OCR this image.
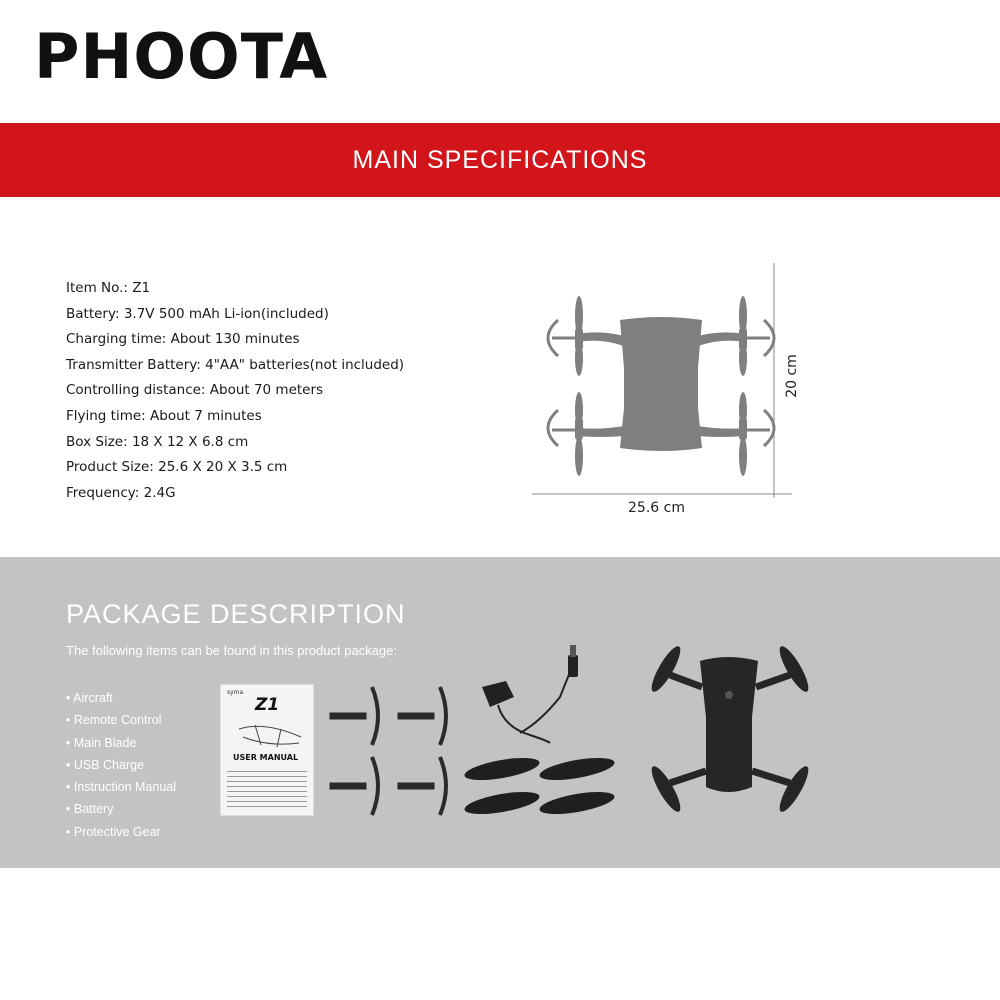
PHOOTA
MAIN SPECIFICATIONS
Item No.: Z1
Battery: 3.7V 500 mAh Li-ion(included)
Charging time: About 130 minutes
Transmitter Battery: 4"AA" batteries(not included)
Controlling distance: About 70 meters
Flying time: About 7 minutes
Box Size: 18 X 12 X 6.8 cm
Product Size: 25.6 X 20 X 3.5 cm
Frequency: 2.4G
25.6 cm
20 cm
PACKAGE DESCRIPTION
The following items can be found in this product package:
• Aircraft
• Remote Control
• Main Blade
• USB Charge
• Instruction Manual
• Battery
• Protective Gear
syma
Z1
USER MANUAL
